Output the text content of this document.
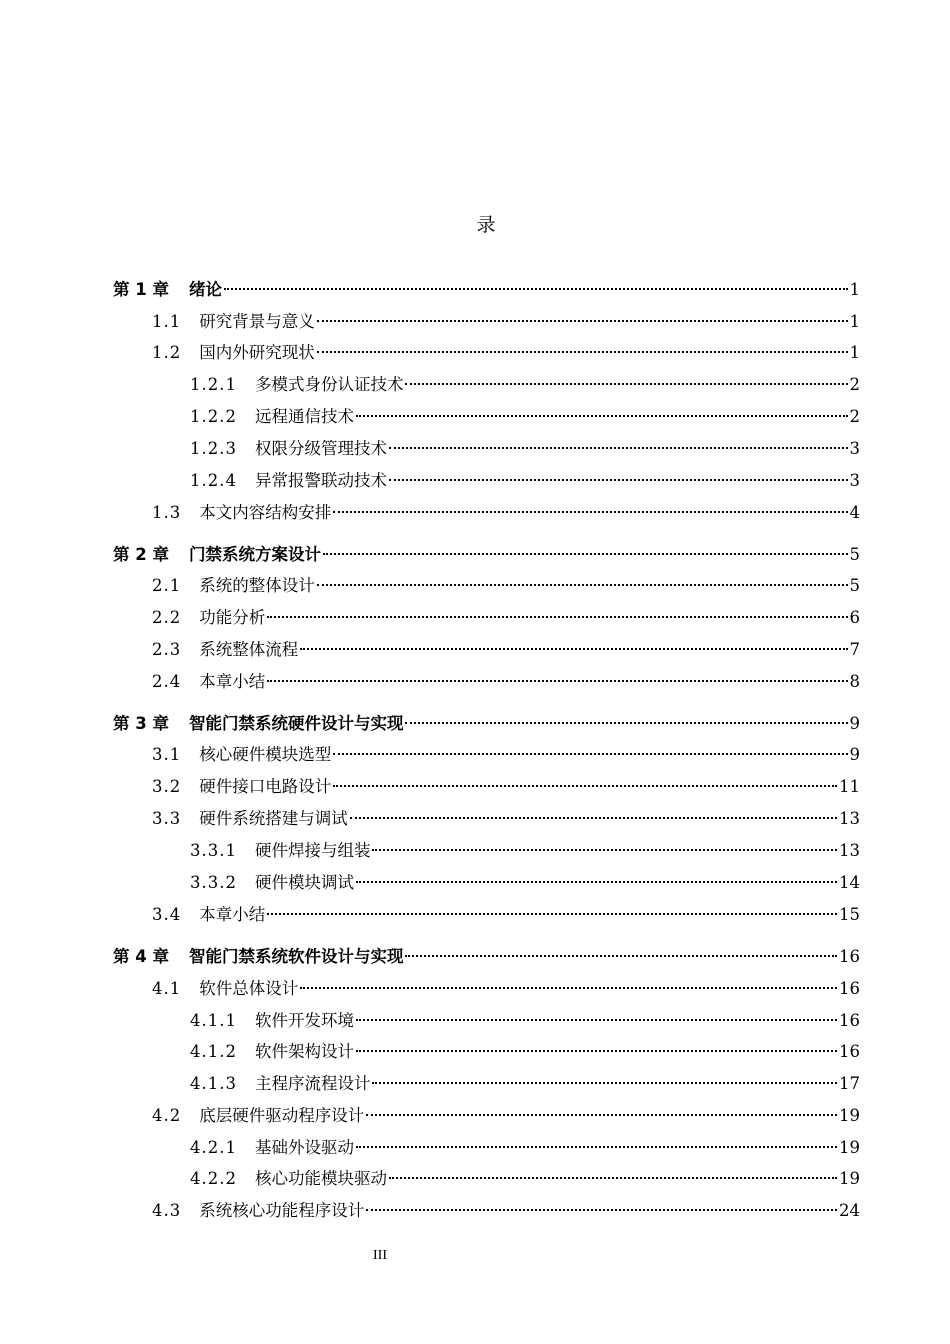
录
第 1 章 绪论	1
1.1 研究背景与意义	1
1.2 国内外研究现状	1
1.2.1 多模式身份认证技术	2
1.2.2 远程通信技术	2
1.2.3 权限分级管理技术	3
1.2.4 异常报警联动技术	3
1.3 本文内容结构安排	4
第 2 章 门禁系统方案设计	5
2.1 系统的整体设计	5
2.2 功能分析	6
2.3 系统整体流程	7
2.4 本章小结	8
第 3 章 智能门禁系统硬件设计与实现	9
3.1 核心硬件模块选型	9
3.2 硬件接口电路设计	11
3.3 硬件系统搭建与调试	13
3.3.1 硬件焊接与组装	13
3.3.2 硬件模块调试	14
3.4 本章小结	15
第 4 章 智能门禁系统软件设计与实现	16
4.1 软件总体设计	16
4.1.1 软件开发环境	16
4.1.2 软件架构设计	16
4.1.3 主程序流程设计	17
4.2 底层硬件驱动程序设计	19
4.2.1 基础外设驱动	19
4.2.2 核心功能模块驱动	19
4.3 系统核心功能程序设计	24
III
